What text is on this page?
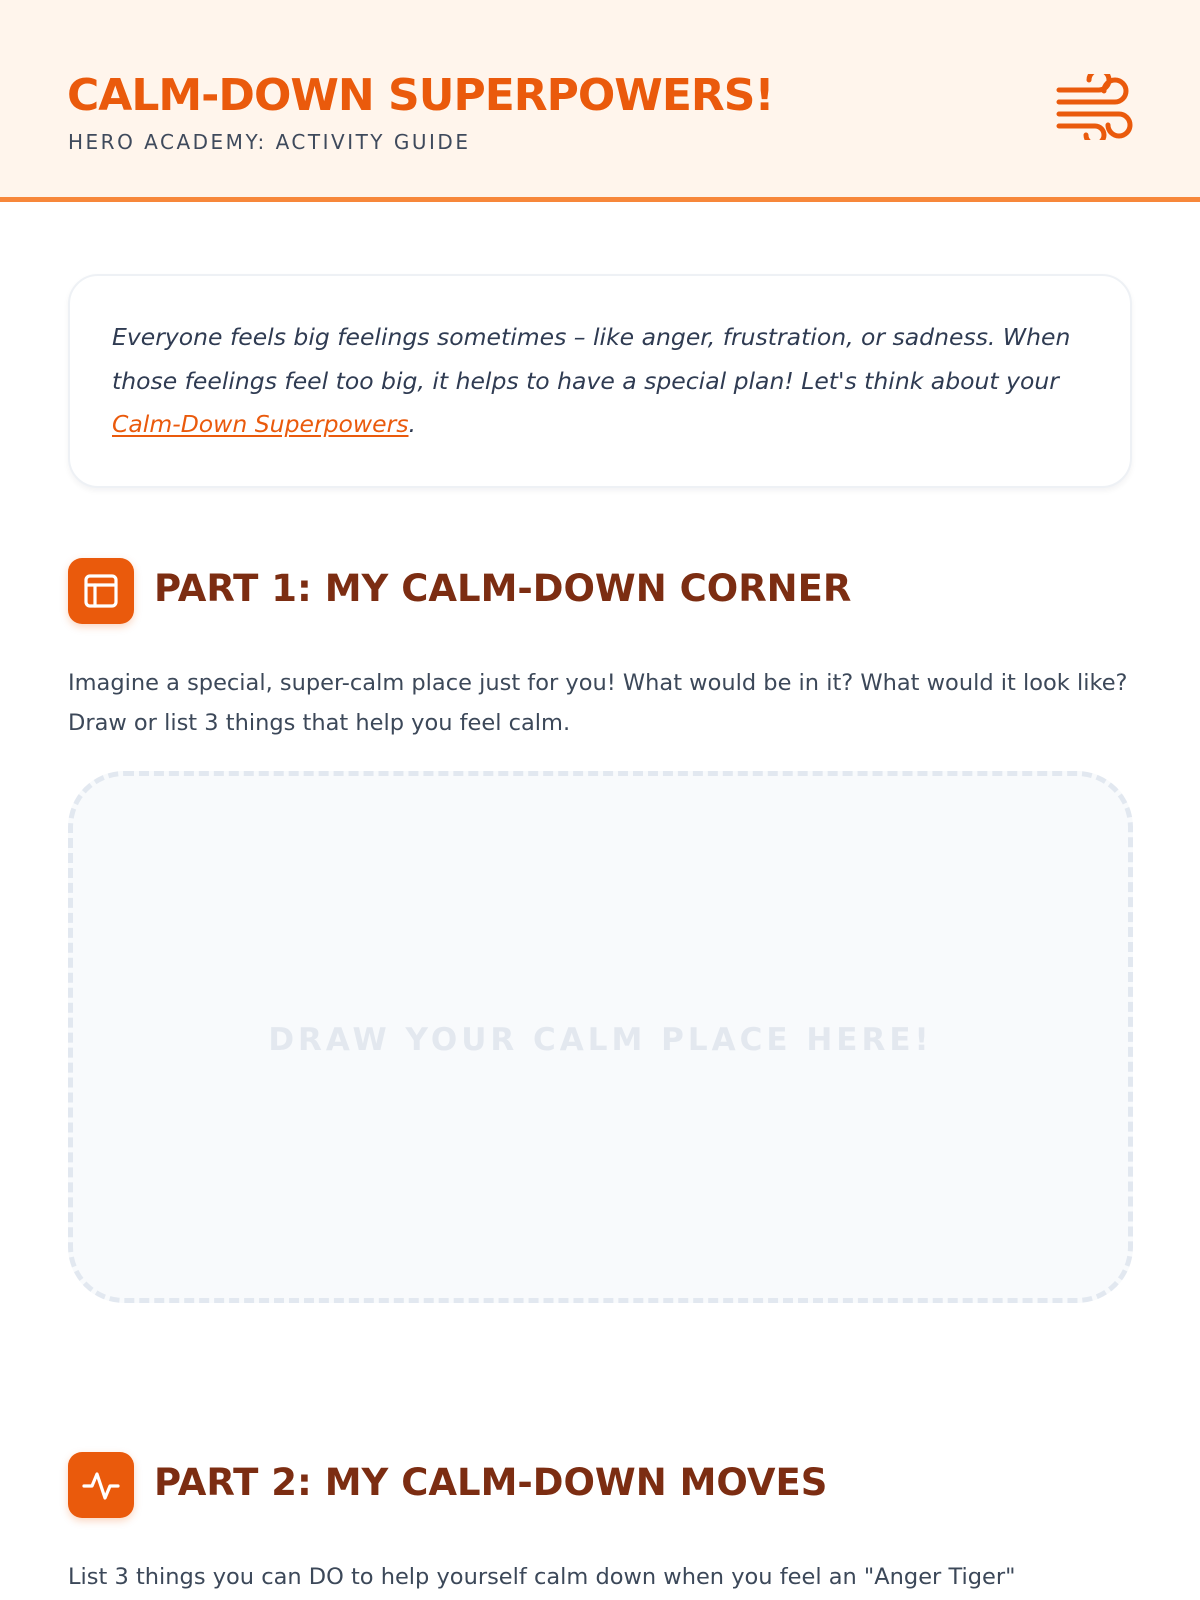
CALM-DOWN SUPERPOWERS!
HERO ACADEMY: ACTIVITY GUIDE

Everyone feels big feelings sometimes – like anger, frustration, or sadness. When those feelings feel too big, it helps to have a special plan! Let's think about your Calm-Down Superpowers.

PART 1: MY CALM-DOWN CORNER

Imagine a special, super-calm place just for you! What would be in it? What would it look like? Draw or list 3 things that help you feel calm.

DRAW YOUR CALM PLACE HERE!
PART 2: MY CALM-DOWN MOVES

List 3 things you can DO to help yourself calm down when you feel an "Anger Tiger"
